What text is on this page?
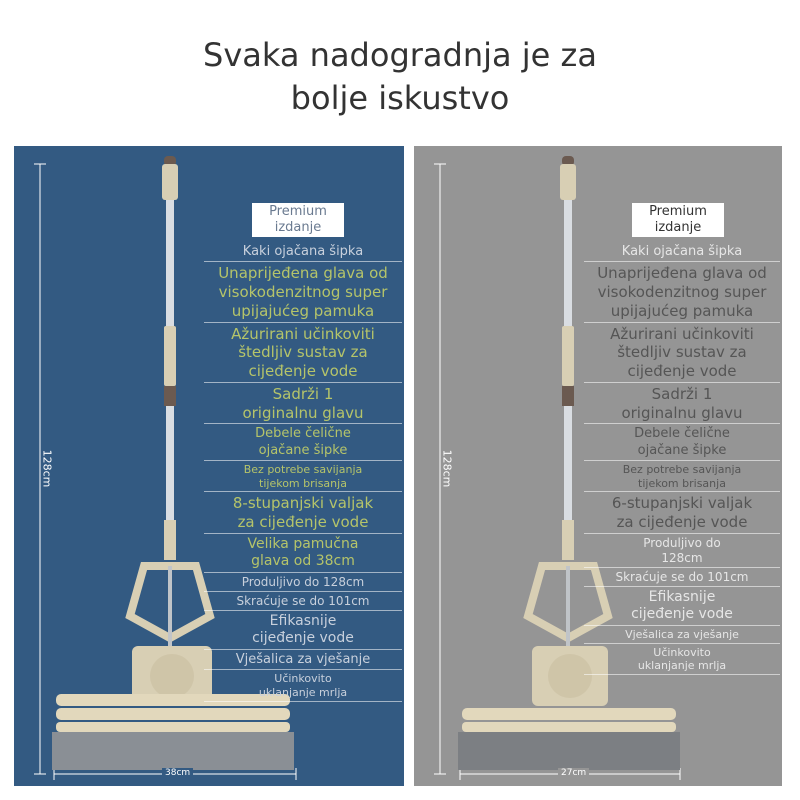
Svaka nadogradnja je za
bolje iskustvo
128cm
38cm
Premium
izdanje
Kaki ojačana šipka
Unaprijeđena glava od
visokodenzitnog super
upijajućeg pamuka
Ažurirani učinkoviti
štedljiv sustav za
cijeđenje vode
Sadrži 1
originalnu glavu
Debele čelične
ojačane šipke
Bez potrebe savijanja
tijekom brisanja
8-stupanjski valjak
za cijeđenje vode
Velika pamučna
glava od 38cm
Produljivo do 128cm
Skraćuje se do 101cm
Efikasnije
cijeđenje vode
Vješalica za vješanje
Učinkovito
uklanjanje mrlja
128cm
27cm
Premium
izdanje
Kaki ojačana šipka
Unaprijeđena glava od
visokodenzitnog super
upijajućeg pamuka
Ažurirani učinkoviti
štedljiv sustav za
cijeđenje vode
Sadrži 1
originalnu glavu
Debele čelične
ojačane šipke
Bez potrebe savijanja
tijekom brisanja
6-stupanjski valjak
za cijeđenje vode
Produljivo do
128cm
Skraćuje se do 101cm
Efikasnije
cijeđenje vode
Vješalica za vješanje
Učinkovito
uklanjanje mrlja
